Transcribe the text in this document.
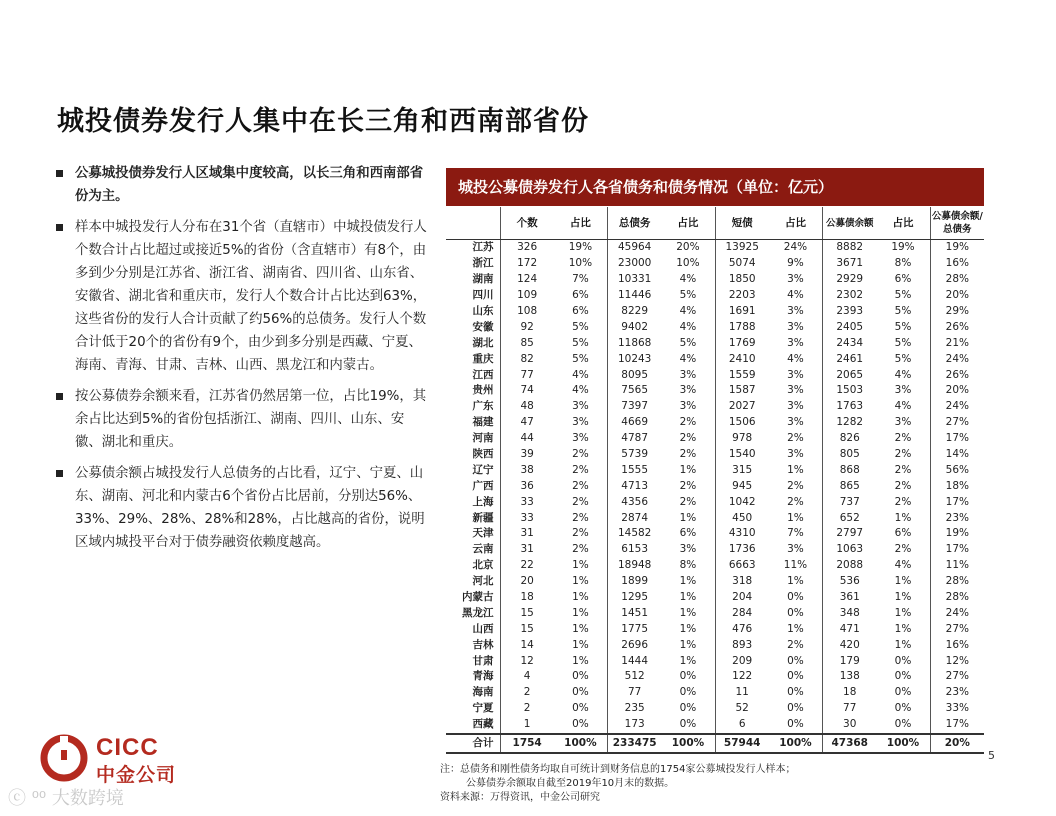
城投债券发行人集中在长三角和西南部省份
公募城投债券发行人区域集中度较高，以长三角和西南部省份为主。
样本中城投发行人分布在31个省（直辖市）中城投债发行人个数合计占比超过或接近5%的省份（含直辖市）有8个，由多到少分别是江苏省、浙江省、湖南省、四川省、山东省、安徽省、湖北省和重庆市，发行人个数合计占比达到63%，这些省份的发行人合计贡献了约56%的总债务。发行人个数合计低于20个的省份有9个，由少到多分别是西藏、宁夏、海南、青海、甘肃、吉林、山西、黑龙江和内蒙古。
按公募债券余额来看，江苏省仍然居第一位，占比19%，其余占比达到5%的省份包括浙江、湖南、四川、山东、安徽、湖北和重庆。
公募债余额占城投发行人总债务的占比看，辽宁、宁夏、山东、湖南、河北和内蒙古6个省份占比居前，分别达56%、33%、29%、28%、28%和28%，占比越高的省份，说明区域内城投平台对于债券融资依赖度越高。
城投公募债券发行人各省债务和债务情况（单位：亿元）
	个数	占比	总债务	占比	短债	占比	公募债余额	占比	公募债余额/总债务
江苏	326	19%	45964	20%	13925	24%	8882	19%	19%
浙江	172	10%	23000	10%	5074	9%	3671	8%	16%
湖南	124	7%	10331	4%	1850	3%	2929	6%	28%
四川	109	6%	11446	5%	2203	4%	2302	5%	20%
山东	108	6%	8229	4%	1691	3%	2393	5%	29%
安徽	92	5%	9402	4%	1788	3%	2405	5%	26%
湖北	85	5%	11868	5%	1769	3%	2434	5%	21%
重庆	82	5%	10243	4%	2410	4%	2461	5%	24%
江西	77	4%	8095	3%	1559	3%	2065	4%	26%
贵州	74	4%	7565	3%	1587	3%	1503	3%	20%
广东	48	3%	7397	3%	2027	3%	1763	4%	24%
福建	47	3%	4669	2%	1506	3%	1282	3%	27%
河南	44	3%	4787	2%	978	2%	826	2%	17%
陕西	39	2%	5739	2%	1540	3%	805	2%	14%
辽宁	38	2%	1555	1%	315	1%	868	2%	56%
广西	36	2%	4713	2%	945	2%	865	2%	18%
上海	33	2%	4356	2%	1042	2%	737	2%	17%
新疆	33	2%	2874	1%	450	1%	652	1%	23%
天津	31	2%	14582	6%	4310	7%	2797	6%	19%
云南	31	2%	6153	3%	1736	3%	1063	2%	17%
北京	22	1%	18948	8%	6663	11%	2088	4%	11%
河北	20	1%	1899	1%	318	1%	536	1%	28%
内蒙古	18	1%	1295	1%	204	0%	361	1%	28%
黑龙江	15	1%	1451	1%	284	0%	348	1%	24%
山西	15	1%	1775	1%	476	1%	471	1%	27%
吉林	14	1%	2696	1%	893	2%	420	1%	16%
甘肃	12	1%	1444	1%	209	0%	179	0%	12%
青海	4	0%	512	0%	122	0%	138	0%	27%
海南	2	0%	77	0%	11	0%	18	0%	23%
宁夏	2	0%	235	0%	52	0%	77	0%	33%
西藏	1	0%	173	0%	6	0%	30	0%	17%
合计	1754	100%	233475	100%	57944	100%	47368	100%	20%
注：总债务和刚性债务均取自可统计到财务信息的1754家公募城投发行人样本；
公募债券余额取自截至2019年10月末的数据。
资料来源：万得资讯，中金公司研究
5
CICC
中金公司
ⓒ ⁰⁰ 大数跨境
